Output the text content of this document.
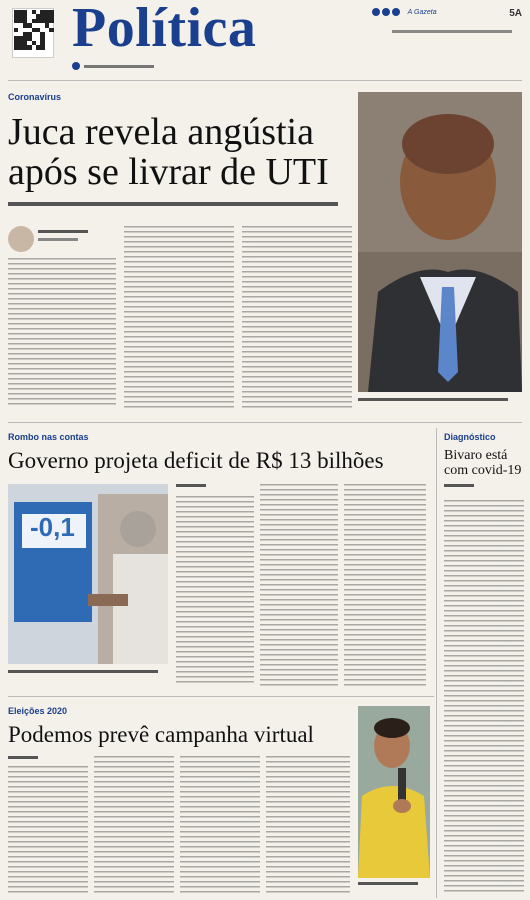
Política
	A Gazeta	5A
Coronavírus
Juca revela angústia
após se livrar de UTI
Rombo nas contas
Governo projeta deficit de R$ 13 bilhões
-0,1
Diagnóstico
Bivaro está
com covid-19
Eleições 2020
Podemos prevê campanha virtual
